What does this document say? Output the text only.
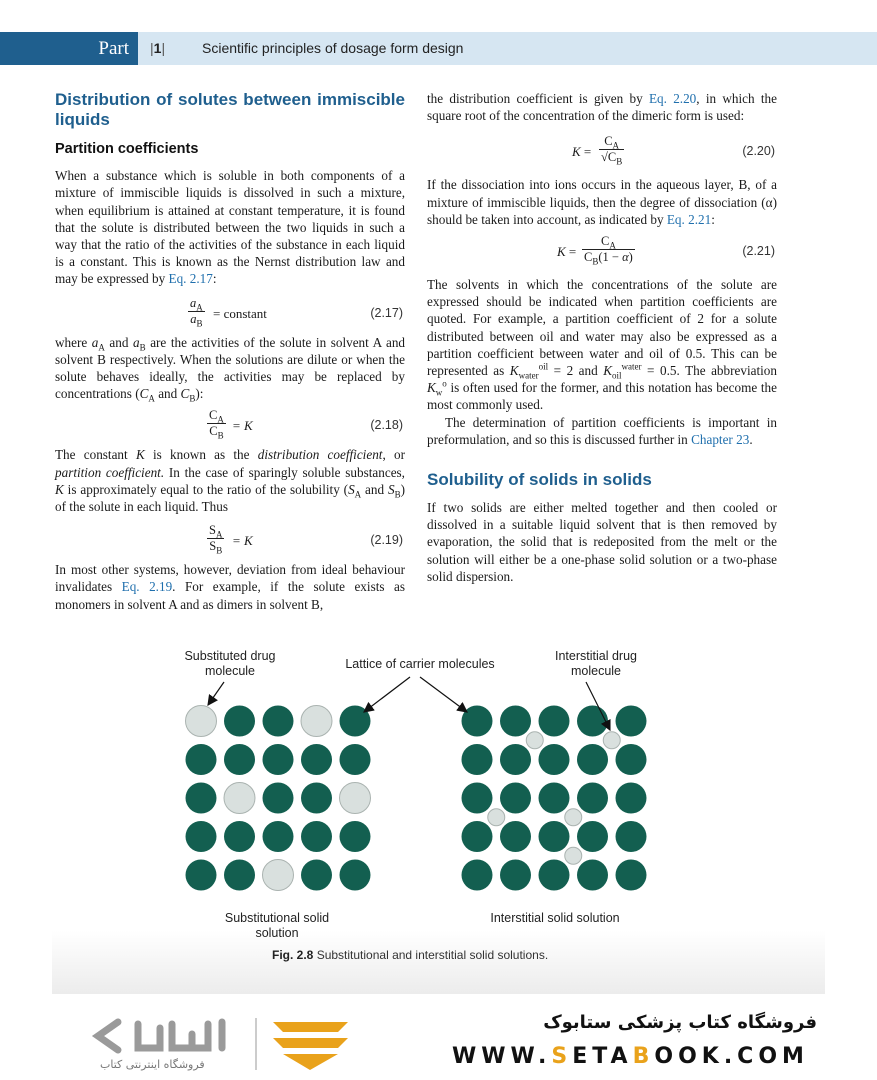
Part	|1|	Scientific principles of dosage form design
Distribution of solutes between immiscible liquids
Partition coefficients

When a substance which is soluble in both components of a mixture of immiscible liquids is dissolved in such a mixture, when equilibrium is attained at constant temperature, it is found that the solute is distributed between the two liquids in such a way that the ratio of the activities of the substance in each liquid is a constant. This is known as the Nernst distribution law and may be expressed by Eq. 2.17:

$\frac{a_A}{a_B}$ = constant	(2.17)

where $a_A$ and $a_B$ are the activities of the solute in solvent A and solvent B respectively. When the solutions are dilute or when the solute behaves ideally, the activities may be replaced by concentrations ($C_A$ and $C_B$):

$\frac{C_A}{C_B} = K$	(2.18)

The constant K is known as the distribution coefficient, or partition coefficient. In the case of sparingly soluble substances, K is approximately equal to the ratio of the solubility ($S_A$ and $S_B$) of the solute in each liquid. Thus

$\frac{S_A}{S_B} = K$	(2.19)

In most other systems, however, deviation from ideal behaviour invalidates Eq. 2.19. For example, if the solute exists as monomers in solvent A and as dimers in solvent B,

the distribution coefficient is given by Eq. 2.20, in which the square root of the concentration of the dimeric form is used:

$K = \frac{C_A}{√C_B}$	(2.20)

If the dissociation into ions occurs in the aqueous layer, B, of a mixture of immiscible liquids, then the degree of dissociation (α) should be taken into account, as indicated by Eq. 2.21:

$K = \frac{C_A}{C_B(1 - \alpha)}$	(2.21)

The solvents in which the concentrations of the solute are expressed should be indicated when partition coefficients are quoted. For example, a partition coefficient of 2 for a solute distributed between oil and water may also be expressed as a partition coefficient between water and oil of 0.5. This can be represented as $K_{water}^{oil} = 2$ and $K_{oil}^{water} = 0.5$. The abbreviation $K_w^o$ is often used for the former, and this notation has become the most commonly used.

The determination of partition coefficients is important in preformulation, and so this is discussed further in Chapter 23.

Solubility of solids in solids

If two solids are either melted together and then cooled or dissolved in a suitable liquid solvent that is then removed by evaporation, the solid that is redeposited from the melt or the solution will either be a one-phase solid solution or a two-phase solid dispersion.

Substituted drug molecule	Lattice of carrier molecules
Interstitial drug molecule
Substitutional solid solution
Interstitial solid solution
Fig. 2.8 Substitutional and interstitial solid solutions.
فروشگاه اینترنتی کتاب
فروشگاه کتاب پزشکی ستابوک
WWW.SETABOOK.COM
